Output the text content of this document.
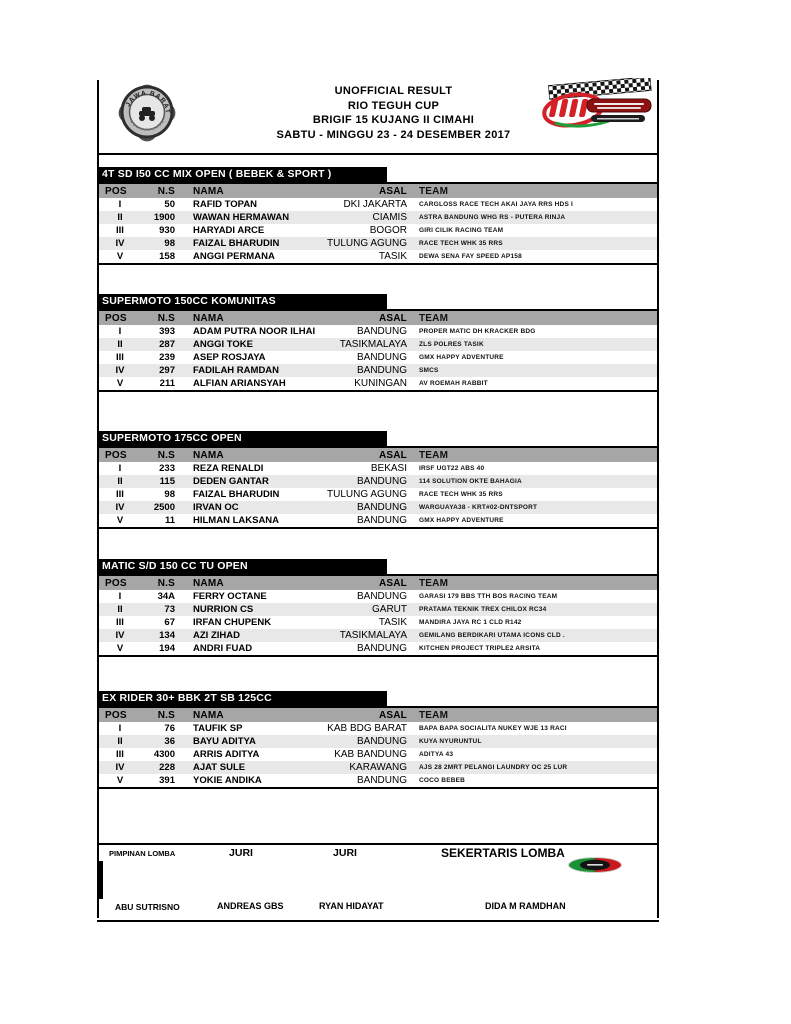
JAWA BARAT
UNOFFICIAL RESULT
RIO TEGUH CUP
BRIGIF 15 KUJANG II CIMAHI
SABTU - MINGGU 23 - 24 DESEMBER 2017
4T SD I50 CC MIX OPEN ( BEBEK & SPORT )
POS	N.S	NAMA	ASAL	TEAM
I	50	RAFID TOPAN	DKI JAKARTA	CARGLOSS RACE TECH AKAI JAYA RRS HDS I
II	1900	WAWAN HERMAWAN	CIAMIS	ASTRA BANDUNG WHG RS - PUTERA RINJA
III	930	HARYADI ARCE	BOGOR	GIRI CILIK RACING TEAM
IV	98	FAIZAL BHARUDIN	TULUNG AGUNG	RACE TECH WHK 35 RRS
V	158	ANGGI PERMANA	TASIK	DEWA SENA FAY SPEED AP158
SUPERMOTO 150CC KOMUNITAS
POS	N.S	NAMA	ASAL	TEAM
I	393	ADAM PUTRA NOOR ILHAI	BANDUNG	PROPER MATIC DH KRACKER BDG
II	287	ANGGI TOKE	TASIKMALAYA	ZLS POLRES TASIK
III	239	ASEP ROSJAYA	BANDUNG	GMX HAPPY ADVENTURE
IV	297	FADILAH RAMDAN	BANDUNG	SMCS
V	211	ALFIAN ARIANSYAH	KUNINGAN	AV ROEMAH RABBIT
SUPERMOTO 175CC OPEN
POS	N.S	NAMA	ASAL	TEAM
I	233	REZA RENALDI	BEKASI	IRSF UGT22 ABS 40
II	115	DEDEN GANTAR	BANDUNG	114 SOLUTION OKTE BAHAGIA
III	98	FAIZAL BHARUDIN	TULUNG AGUNG	RACE TECH WHK 35 RRS
IV	2500	IRVAN OC	BANDUNG	WARGUAYA38 - KRT#02-DNTSPORT
V	11	HILMAN LAKSANA	BANDUNG	GMX HAPPY ADVENTURE
MATIC S/D 150 CC TU OPEN
POS	N.S	NAMA	ASAL	TEAM
I	34A	FERRY OCTANE	BANDUNG	GARASI 179 BBS TTH BOS RACING TEAM
II	73	NURRION CS	GARUT	PRATAMA TEKNIK TREX CHILOX RC34
III	67	IRFAN CHUPENK	TASIK	MANDIRA JAYA RC 1 CLD R142
IV	134	AZI ZIHAD	TASIKMALAYA	GEMILANG BERDIKARI UTAMA ICONS CLD .
V	194	ANDRI FUAD	BANDUNG	KITCHEN PROJECT TRIPLE2 ARSITA
EX RIDER 30+ BBK 2T SB 125CC
POS	N.S	NAMA	ASAL	TEAM
I	76	TAUFIK SP	KAB BDG BARAT	BAPA BAPA SOCIALITA NUKEY WJE 13 RACI
II	36	BAYU ADITYA	BANDUNG	KUYA NYURUNTUL
III	4300	ARRIS ADITYA	KAB BANDUNG	ADITYA 43
IV	228	AJAT SULE	KARAWANG	AJS 28 2MRT PELANGI LAUNDRY OC 25 LUR
V	391	YOKIE ANDIKA	BANDUNG	COCO BEBEB
PIMPINAN LOMBA	JURI	JURI	SEKERTARIS LOMBA
ABU SUTRISNO	ANDREAS GBS	RYAN HIDAYAT	DIDA M RAMDHAN
